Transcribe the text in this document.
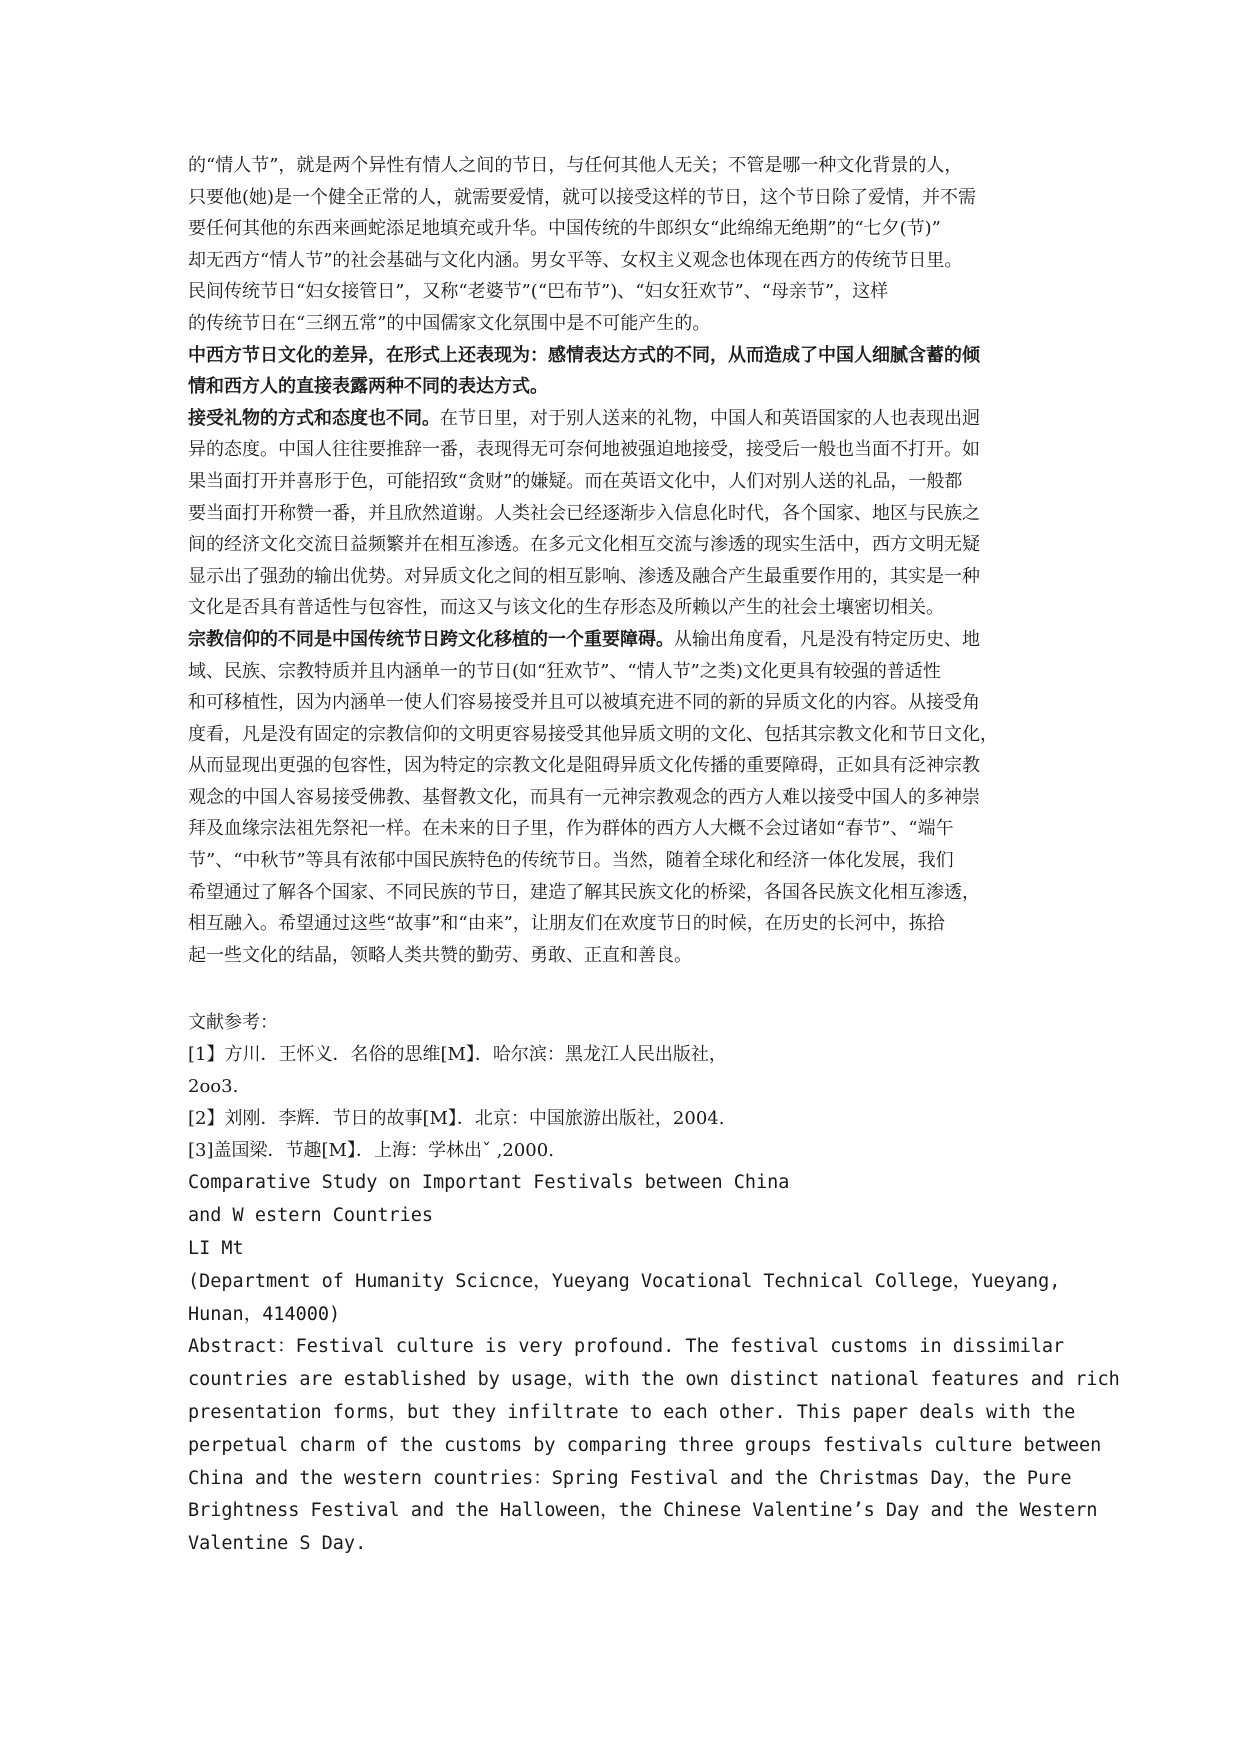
的“情人节”，就是两个异性有情人之间的节日，与任何其他人无关；不管是哪一种文化背景的人，
只要他(她)是一个健全正常的人，就需要爱情，就可以接受这样的节日，这个节日除了爱情，并不需
要任何其他的东西来画蛇添足地填充或升华。中国传统的牛郎织女“此绵绵无绝期”的“七夕(节)”
却无西方“情人节”的社会基础与文化内涵。男女平等、女权主义观念也体现在西方的传统节日里。
民间传统节日“妇女接管日”，又称“老婆节”(“巴布节”)、“妇女狂欢节”、“母亲节”，这样
的传统节日在“三纲五常”的中国儒家文化氛围中是不可能产生的。
中西方节日文化的差异，在形式上还表现为：感情表达方式的不同，从而造成了中国人细腻含蓄的倾
情和西方人的直接表露两种不同的表达方式。
接受礼物的方式和态度也不同。在节日里，对于别人送来的礼物，中国人和英语国家的人也表现出迥
异的态度。中国人往往要推辞一番，表现得无可奈何地被强迫地接受，接受后一般也当面不打开。如
果当面打开并喜形于色，可能招致“贪财”的嫌疑。而在英语文化中，人们对别人送的礼品，一般都
要当面打开称赞一番，并且欣然道谢。人类社会已经逐渐步入信息化时代，各个国家、地区与民族之
间的经济文化交流日益频繁并在相互渗透。在多元文化相互交流与渗透的现实生活中，西方文明无疑
显示出了强劲的输出优势。对异质文化之间的相互影响、渗透及融合产生最重要作用的，其实是一种
文化是否具有普适性与包容性，而这又与该文化的生存形态及所赖以产生的社会土壤密切相关。
宗教信仰的不同是中国传统节日跨文化移植的一个重要障碍。从输出角度看，凡是没有特定历史、地
域、民族、宗教特质并且内涵单一的节日(如“狂欢节”、“情人节”之类)文化更具有较强的普适性
和可移植性，因为内涵单一使人们容易接受并且可以被填充进不同的新的异质文化的内容。从接受角
度看，凡是没有固定的宗教信仰的文明更容易接受其他异质文明的文化、包括其宗教文化和节日文化，
从而显现出更强的包容性，因为特定的宗教文化是阻碍异质文化传播的重要障碍，正如具有泛神宗教
观念的中国人容易接受佛教、基督教文化，而具有一元神宗教观念的西方人难以接受中国人的多神崇
拜及血缘宗法祖先祭祀一样。在未来的日子里，作为群体的西方人大概不会过诸如“春节”、“端午
节”、“中秋节”等具有浓郁中国民族特色的传统节日。当然，随着全球化和经济一体化发展，我们
希望通过了解各个国家、不同民族的节日，建造了解其民族文化的桥梁，各国各民族文化相互渗透，
相互融入。希望通过这些“故事”和“由来”，让朋友们在欢度节日的时候，在历史的长河中，拣拾
起一些文化的结晶，领略人类共赞的勤劳、勇敢、正直和善良。
文献参考：
[1】方川．王怀义．名俗的思维[M】．哈尔滨：黑龙江人民出版社，
2oo3.
[2】刘刚．李辉．节日的故事[M】．北京：中国旅游出版社，2004.
[3]盖国梁．节趣[M】．上海：学林出ˇ ,2000.
Comparative Study on Important Festivals between China
and W estern Countries
LI Mt
(Department of Humanity Scicnce，Yueyang Vocational Technical College，Yueyang,
Hunan，414000)
Abstract：Festival culture is very profound. The festival customs in dissimilar
countries are established by usage，with the own distinct national features and rich
presentation forms，but they infiltrate to each other. This paper deals with the
perpetual charm of the customs by comparing three groups festivals culture between
China and the western countries：Spring Festival and the Christmas Day，the Pure
Brightness Festival and the Halloween，the Chinese Valentine’s Day and the Western
Valentine S Day.
